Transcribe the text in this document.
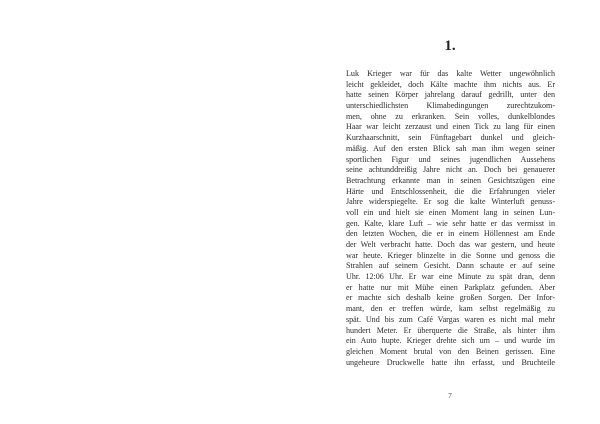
1.
Luk Krieger war für das kalte Wetter ungewöhnlich
leicht gekleidet, doch Kälte machte ihm nichts aus. Er
hatte seinen Körper jahrelang darauf gedrillt, unter den
unterschiedlichsten Klimabedingungen zurechtzukom-
men, ohne zu erkranken. Sein volles, dunkelblondes
Haar war leicht zerzaust und einen Tick zu lang für einen
Kurzhaarschnitt, sein Fünftagebart dunkel und gleich-
mäßig. Auf den ersten Blick sah man ihm wegen seiner
sportlichen Figur und seines jugendlichen Aussehens
seine achtunddreißig Jahre nicht an. Doch bei genauerer
Betrachtung erkannte man in seinen Gesichtszügen eine
Härte und Entschlossenheit, die die Erfahrungen vieler
Jahre widerspiegelte. Er sog die kalte Winterluft genuss-
voll ein und hielt sie einen Moment lang in seinen Lun-
gen. Kalte, klare Luft – wie sehr hatte er das vermisst in
den letzten Wochen, die er in einem Höllennest am Ende
der Welt verbracht hatte. Doch das war gestern, und heute
war heute. Krieger blinzelte in die Sonne und genoss die
Strahlen auf seinem Gesicht. Dann schaute er auf seine
Uhr. 12:06 Uhr. Er war eine Minute zu spät dran, denn
er hatte nur mit Mühe einen Parkplatz gefunden. Aber
er machte sich deshalb keine großen Sorgen. Der Infor-
mant, den er treffen würde, kam selbst regelmäßig zu
spät. Und bis zum Café Vargas waren es nicht mal mehr
hundert Meter. Er überquerte die Straße, als hinter ihm
ein Auto hupte. Krieger drehte sich um – und wurde im
gleichen Moment brutal von den Beinen gerissen. Eine
ungeheure Druckwelle hatte ihn erfasst, und Bruchteile
7
